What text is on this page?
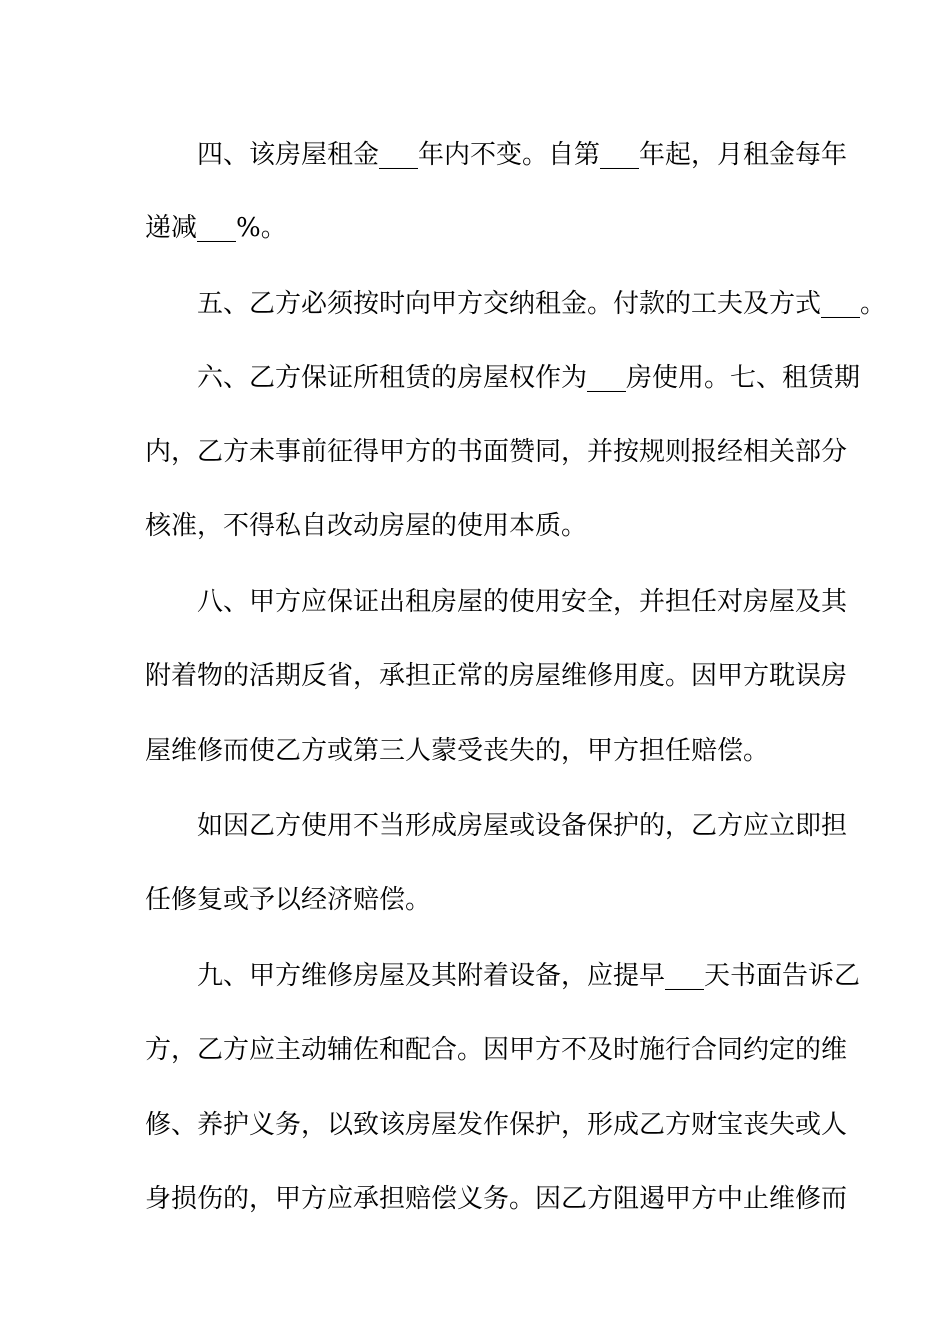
　　四、该房屋租金___年内不变。自第___年起，月租金每年
递减___%。
　　五、乙方必须按时向甲方交纳租金。付款的工夫及方式___。
　　六、乙方保证所租赁的房屋权作为___房使用。七、租赁期
内，乙方未事前征得甲方的书面赞同，并按规则报经相关部分
核准，不得私自改动房屋的使用本质。
　　八、甲方应保证出租房屋的使用安全，并担任对房屋及其
附着物的活期反省，承担正常的房屋维修用度。因甲方耽误房
屋维修而使乙方或第三人蒙受丧失的，甲方担任赔偿。
　　如因乙方使用不当形成房屋或设备保护的，乙方应立即担
任修复或予以经济赔偿。
　　九、甲方维修房屋及其附着设备，应提早___天书面告诉乙
方，乙方应主动辅佐和配合。因甲方不及时施行合同约定的维
修、养护义务，以致该房屋发作保护，形成乙方财宝丧失或人
身损伤的，甲方应承担赔偿义务。因乙方阻遏甲方中止维修而
